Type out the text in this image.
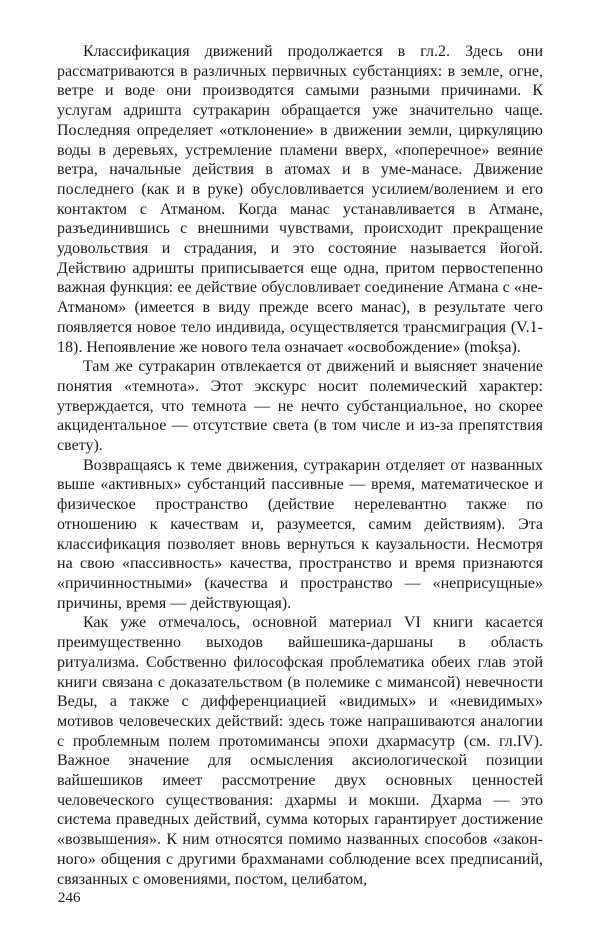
Классификация движений продолжается в гл.2. Здесь они рассматриваются в различных первичных субстанциях: в земле, огне, ветре и воде они производятся самыми разными причинами. К услугам адришта сутракарин обращается уже значительно чаще. Последняя определяет «отклонение» в движении земли, циркуляцию воды в деревьях, устремление пламени вверх, «поперечное» веяние ветра, начальные действия в атомах и в уме-манасе. Движение последнего (как и в руке) обусловливается усилием/волением и его контактом с Атманом. Когда манас устанавливается в Атмане, разъединившись с внешними чувствами, происходит прекращение удовольствия и страдания, и это состояние называется йогой. Действию адришты приписывается еще одна, притом первостепенно важная функция: ее действие обусловливает соединение Атмана с «не-Атманом» (имеется в виду прежде всего манас), в результате чего появляется новое тело индивида, осуществляется трансмиграция (V.1-18). Непоявление же нового тела означает «освобождение» (mokṣa).

Там же сутракарин отвлекается от движений и выясняет значение понятия «темнота». Этот экскурс носит полемический характер: утверждается, что темнота — не нечто субстанциальное, но скорее акцидентальное — отсутствие света (в том числе и из-за препятствия свету).

Возвращаясь к теме движения, сутракарин отделяет от названных выше «активных» субстанций пассивные — время, математическое и физическое пространство (действие нерелевантно также по отношению к качествам и, разумеется, самим действиям). Эта классификация позволяет вновь вернуться к каузальности. Несмотря на свою «пассивность» качества, пространство и время признаются «причинностными» (качества и пространство — «неприсущные» причины, время — действующая).

Как уже отмечалось, основной материал VI книги касается преимущественно выходов вайшешика-даршаны в область ритуализма. Собственно философская проблематика обеих глав этой книги связана с доказательством (в полемике с мимансой) невечности Веды, а также с дифференциацией «видимых» и «невидимых» мотивов человеческих действий: здесь тоже напрашиваются аналогии с проблемным полем протомимансы эпохи дхармасутр (см. гл.IV). Важное значение для осмысления аксиологической позиции вайшешиков имеет рассмотрение двух основных ценностей человеческого существования: дхармы и мокши. Дхарма — это система праведных действий, сумма которых гарантирует достижение «возвышения». К ним относятся помимо названных способов «законного» общения с другими брахманами соблюдение всех предписаний, связанных с омовениями, постом, целибатом,

246
